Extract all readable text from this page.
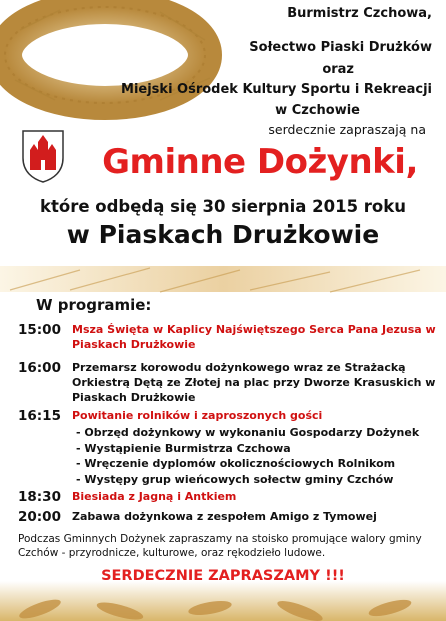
Burmistrz Czchowa,
Sołectwo Piaski Drużków
oraz
Miejski Ośrodek Kultury Sportu i Rekreacji
w Czchowie
serdecznie zapraszają na
Gminne Dożynki,
które odbędą się 30 sierpnia 2015 roku
w Piaskach Drużkowie
W programie:
15:00	Msza Święta w Kaplicy Najświętszego Serca Pana Jezusa w Piaskach Drużkowie
16:00	Przemarsz korowodu dożynkowego wraz ze Strażacką Orkiestrą Dętą ze Złotej na plac przy Dworze Krasuskich w Piaskach Drużkowie
16:15	Powitanie rolników i zaproszonych gości
- Obrzęd dożynkowy w wykonaniu Gospodarzy Dożynek
- Wystąpienie Burmistrza Czchowa
- Wręczenie dyplomów okolicznościowych Rolnikom
- Występy grup wieńcowych sołectw gminy Czchów
18:30	Biesiada z Jagną i Antkiem
20:00	Zabawa dożynkowa z zespołem Amigo z Tymowej
Podczas Gminnych Dożynek zapraszamy na stoisko promujące walory gminy Czchów - przyrodnicze, kulturowe, oraz rękodzieło ludowe.
SERDECZNIE ZAPRASZAMY !!!
